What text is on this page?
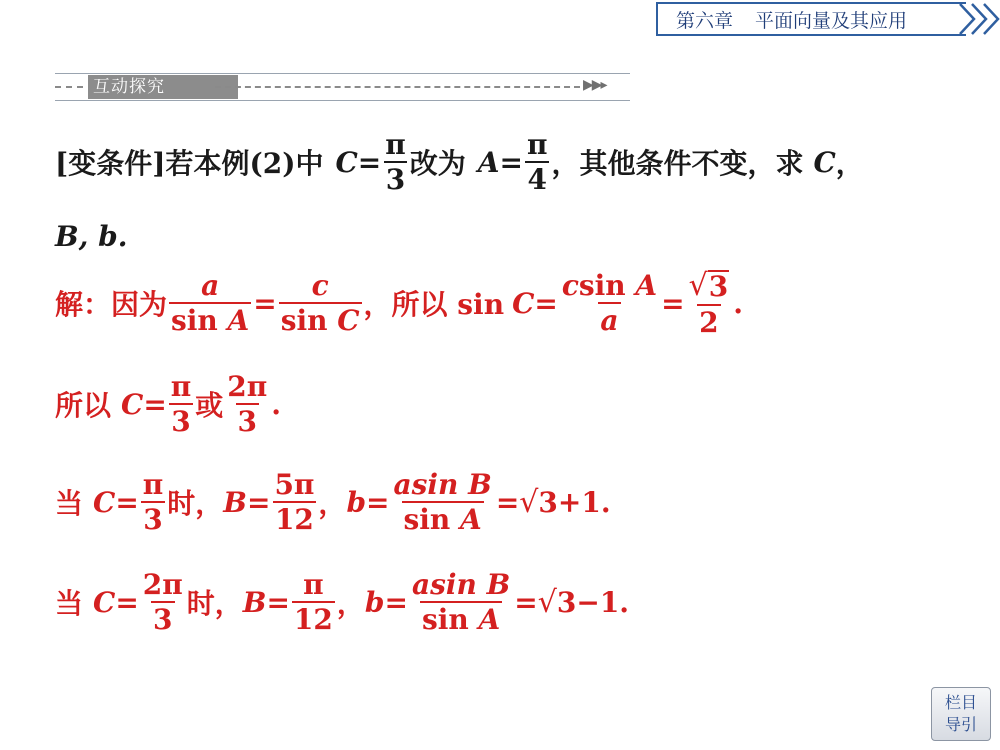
第六章 平面向量及其应用
互动探究	▶▶▸
[变条件]若本例(2)中 $C = \frac{\pi}{3}$ 改为 $A = \frac{\pi}{4}$ ，其他条件不变，求 C ，
B, b.
解：因为 $\frac{a}{\text{sin A}} = \frac{c}{\text{sin C}}$ ，所以 $\sin C = \frac{\text{csin A}}{a} = \frac{√ 3}{2}$ .
所以 $C = \frac{\pi}{3}$ 或 $\frac{2\pi}{3}$ .
当 $C = \frac{\pi}{3}$ 时， $B = \frac{5\pi}{12}$ ， $b = \frac{\text{asin B}}{\text{sin A}}$ = √ 3+1.
当 $C = \frac{2\pi}{3}$ 时， $B = \frac{\pi}{12}$ ， $b = \frac{\text{asin B}}{\text{sin A}}$ = √ 3−1.
栏目
导引
